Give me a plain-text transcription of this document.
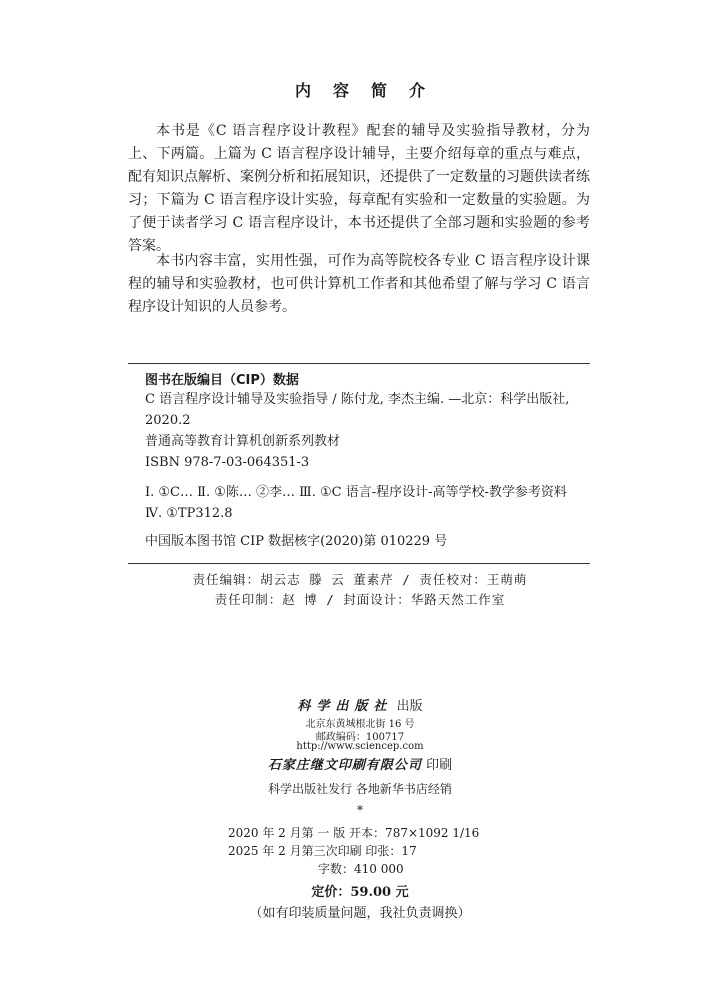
内容简介

本书是《C 语言程序设计教程》配套的辅导及实验指导教材，分为上、下两篇。上篇为 C 语言程序设计辅导，主要介绍每章的重点与难点，配有知识点解析、案例分析和拓展知识，还提供了一定数量的习题供读者练习；下篇为 C 语言程序设计实验，每章配有实验和一定数量的实验题。为了便于读者学习 C 语言程序设计，本书还提供了全部习题和实验题的参考答案。

本书内容丰富，实用性强，可作为高等院校各专业 C 语言程序设计课程的辅导和实验教材，也可供计算机工作者和其他希望了解与学习 C 语言程序设计知识的人员参考。

图书在版编目（CIP）数据
C 语言程序设计辅导及实验指导 / 陈付龙, 李杰主编. —北京：科学出版社, 2020.2
普通高等教育计算机创新系列教材
ISBN 978-7-03-064351-3
Ⅰ. ①C… Ⅱ. ①陈… ②李… Ⅲ. ①C 语言-程序设计-高等学校-教学参考资料 Ⅳ. ①TP312.8
中国版本图书馆 CIP 数据核字(2020)第 010229 号
责任编辑：胡云志 滕 云 董素芹 / 责任校对：王萌萌
责任印制：赵 博 / 封面设计：华路天然工作室
科学出版社 出版
北京东黄城根北街 16 号
邮政编码：100717
http://www.sciencep.com
石家庄继文印刷有限公司 印刷
科学出版社发行 各地新华书店经销
*
2020 年 2 月第 一 版 开本：787×1092 1/16
2025 年 2 月第三次印刷 印张：17
字数：410 000
定价：59.00 元
（如有印装质量问题，我社负责调换）
